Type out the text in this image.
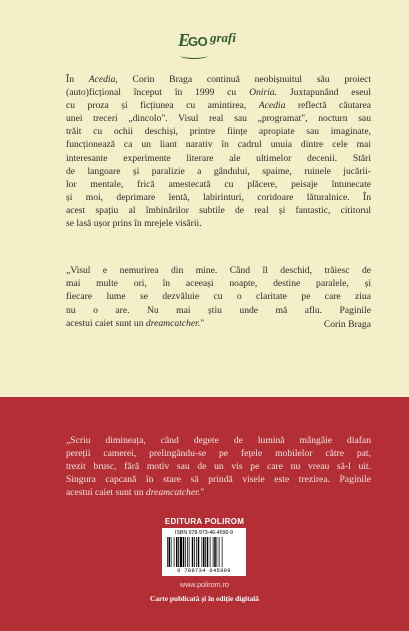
E
GO grafi
În Acedia, Corin Braga continuă neobișnuitul său proiect
(auto)ficțional început în 1999 cu Oniria. Juxtapunând eseul
cu proza și ficțiunea cu amintirea, Acedia reflectă căutarea
unei treceri „dincolo". Visul real sau „programat", nocturn sau
trăit cu ochii deschiși, printre ființe apropiate sau imaginate,
funcționează ca un liant narativ în cadrul unuia dintre cele mai
interesante experimente literare ale ultimelor decenii. Stări
de langoare și paralizie a gândului, spaime, ruinele jucării-
lor mentale, frică amestecată cu plăcere, peisaje întunecate
și moi, deprimare lentă, labirinturi, coridoare lăturalnice. În
acest spațiu al îmbinărilor subtile de real și fantastic, cititorul
se lasă ușor prins în mrejele visării.
„Visul e nemurirea din mine. Când îl deschid, trăiesc de
mai multe ori, în aceeași noapte, destine paralele, și
fiecare lume se dezvăluie cu o claritate pe care ziua
nu o are. Nu mai știu unde mă aflu. Paginile
acestui caiet sunt un dreamcatcher."	Corin Braga
„Scriu dimineața, când degete de lumină mângâie diafan
pereții camerei, prelingându-se pe fețele mobilelor către pat,
trezit brusc, fără motiv sau de un vis pe care nu vreau să-l uit.
Singura capcană în stare să prindă visele este trezirea. Paginile
acestui caiet sunt un dreamcatcher."
EDITURA POLIROM
ISBN 978-973-46-4590-9
9 789734 645909
www.polirom.ro
Carte publicată și în ediție digitală
